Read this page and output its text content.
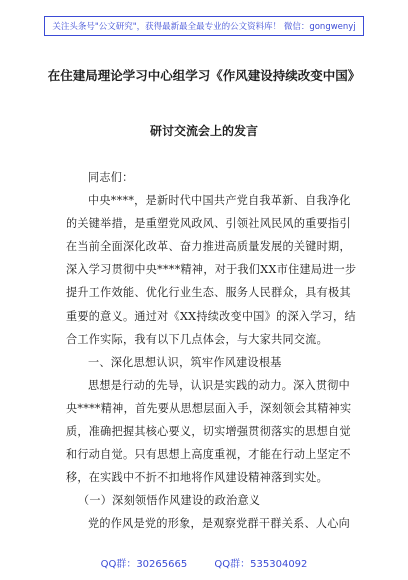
关注头条号"公文研究"，获得最新最全最专业的公文资料库！ 微信：gongwenyj
在住建局理论学习中心组学习《作风建设持续改变中国》
研讨交流会上的发言
同志们：
中央****，是新时代中国共产党自我革新、自我净化
的关键举措，是重塑党风政风、引领社风民风的重要指引
在当前全面深化改革、奋力推进高质量发展的关键时期，
深入学习贯彻中央****精神，对于我们XX市住建局进一步
提升工作效能、优化行业生态、服务人民群众，具有极其
重要的意义。通过对《XX持续改变中国》的深入学习，结
合工作实际，我有以下几点体会，与大家共同交流。
一、深化思想认识，筑牢作风建设根基
思想是行动的先导，认识是实践的动力。深入贯彻中
央****精神，首先要从思想层面入手，深刻领会其精神实
质，准确把握其核心要义，切实增强贯彻落实的思想自觉
和行动自觉。只有思想上高度重视，才能在行动上坚定不
移，在实践中不折不扣地将作风建设精神落到实处。
（一）深刻领悟作风建设的政治意义
党的作风是党的形象，是观察党群干群关系、人心向
QQ群：30265665	QQ群：535304092
